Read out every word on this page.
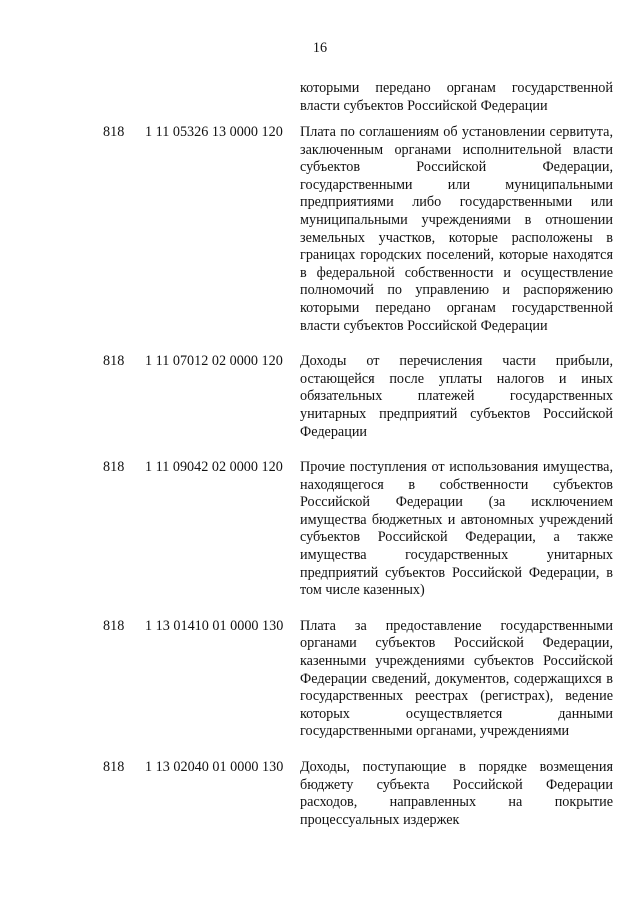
16
которыми передано органам государственной власти субъектов Российской Федерации
818	1 11 05326 13 0000 120	Плата по соглашениям об установлении сервитута, заключенным органами исполнительной власти субъектов Российской Федерации, государственными или муниципальными предприятиями либо государственными или муниципальными учреждениями в отношении земельных участков, которые расположены в границах городских поселений, которые находятся в федеральной собственности и осуществление полномочий по управлению и распоряжению которыми передано органам государственной власти субъектов Российской Федерации
818	1 11 07012 02 0000 120	Доходы от перечисления части прибыли, остающейся после уплаты налогов и иных обязательных платежей государственных унитарных предприятий субъектов Российской Федерации
818	1 11 09042 02 0000 120	Прочие поступления от использования имущества, находящегося в собственности субъектов Российской Федерации (за исключением имущества бюджетных и автономных учреждений субъектов Российской Федерации, а также имущества государственных унитарных предприятий субъектов Российской Федерации, в том числе казенных)
818	1 13 01410 01 0000 130	Плата за предоставление государственными органами субъектов Российской Федерации, казенными учреждениями субъектов Российской Федерации сведений, документов, содержащихся в государственных реестрах (регистрах), ведение которых осуществляется данными государственными органами, учреждениями
818	1 13 02040 01 0000 130	Доходы, поступающие в порядке возмещения бюджету субъекта Российской Федерации расходов, направленных на покрытие процессуальных издержек
